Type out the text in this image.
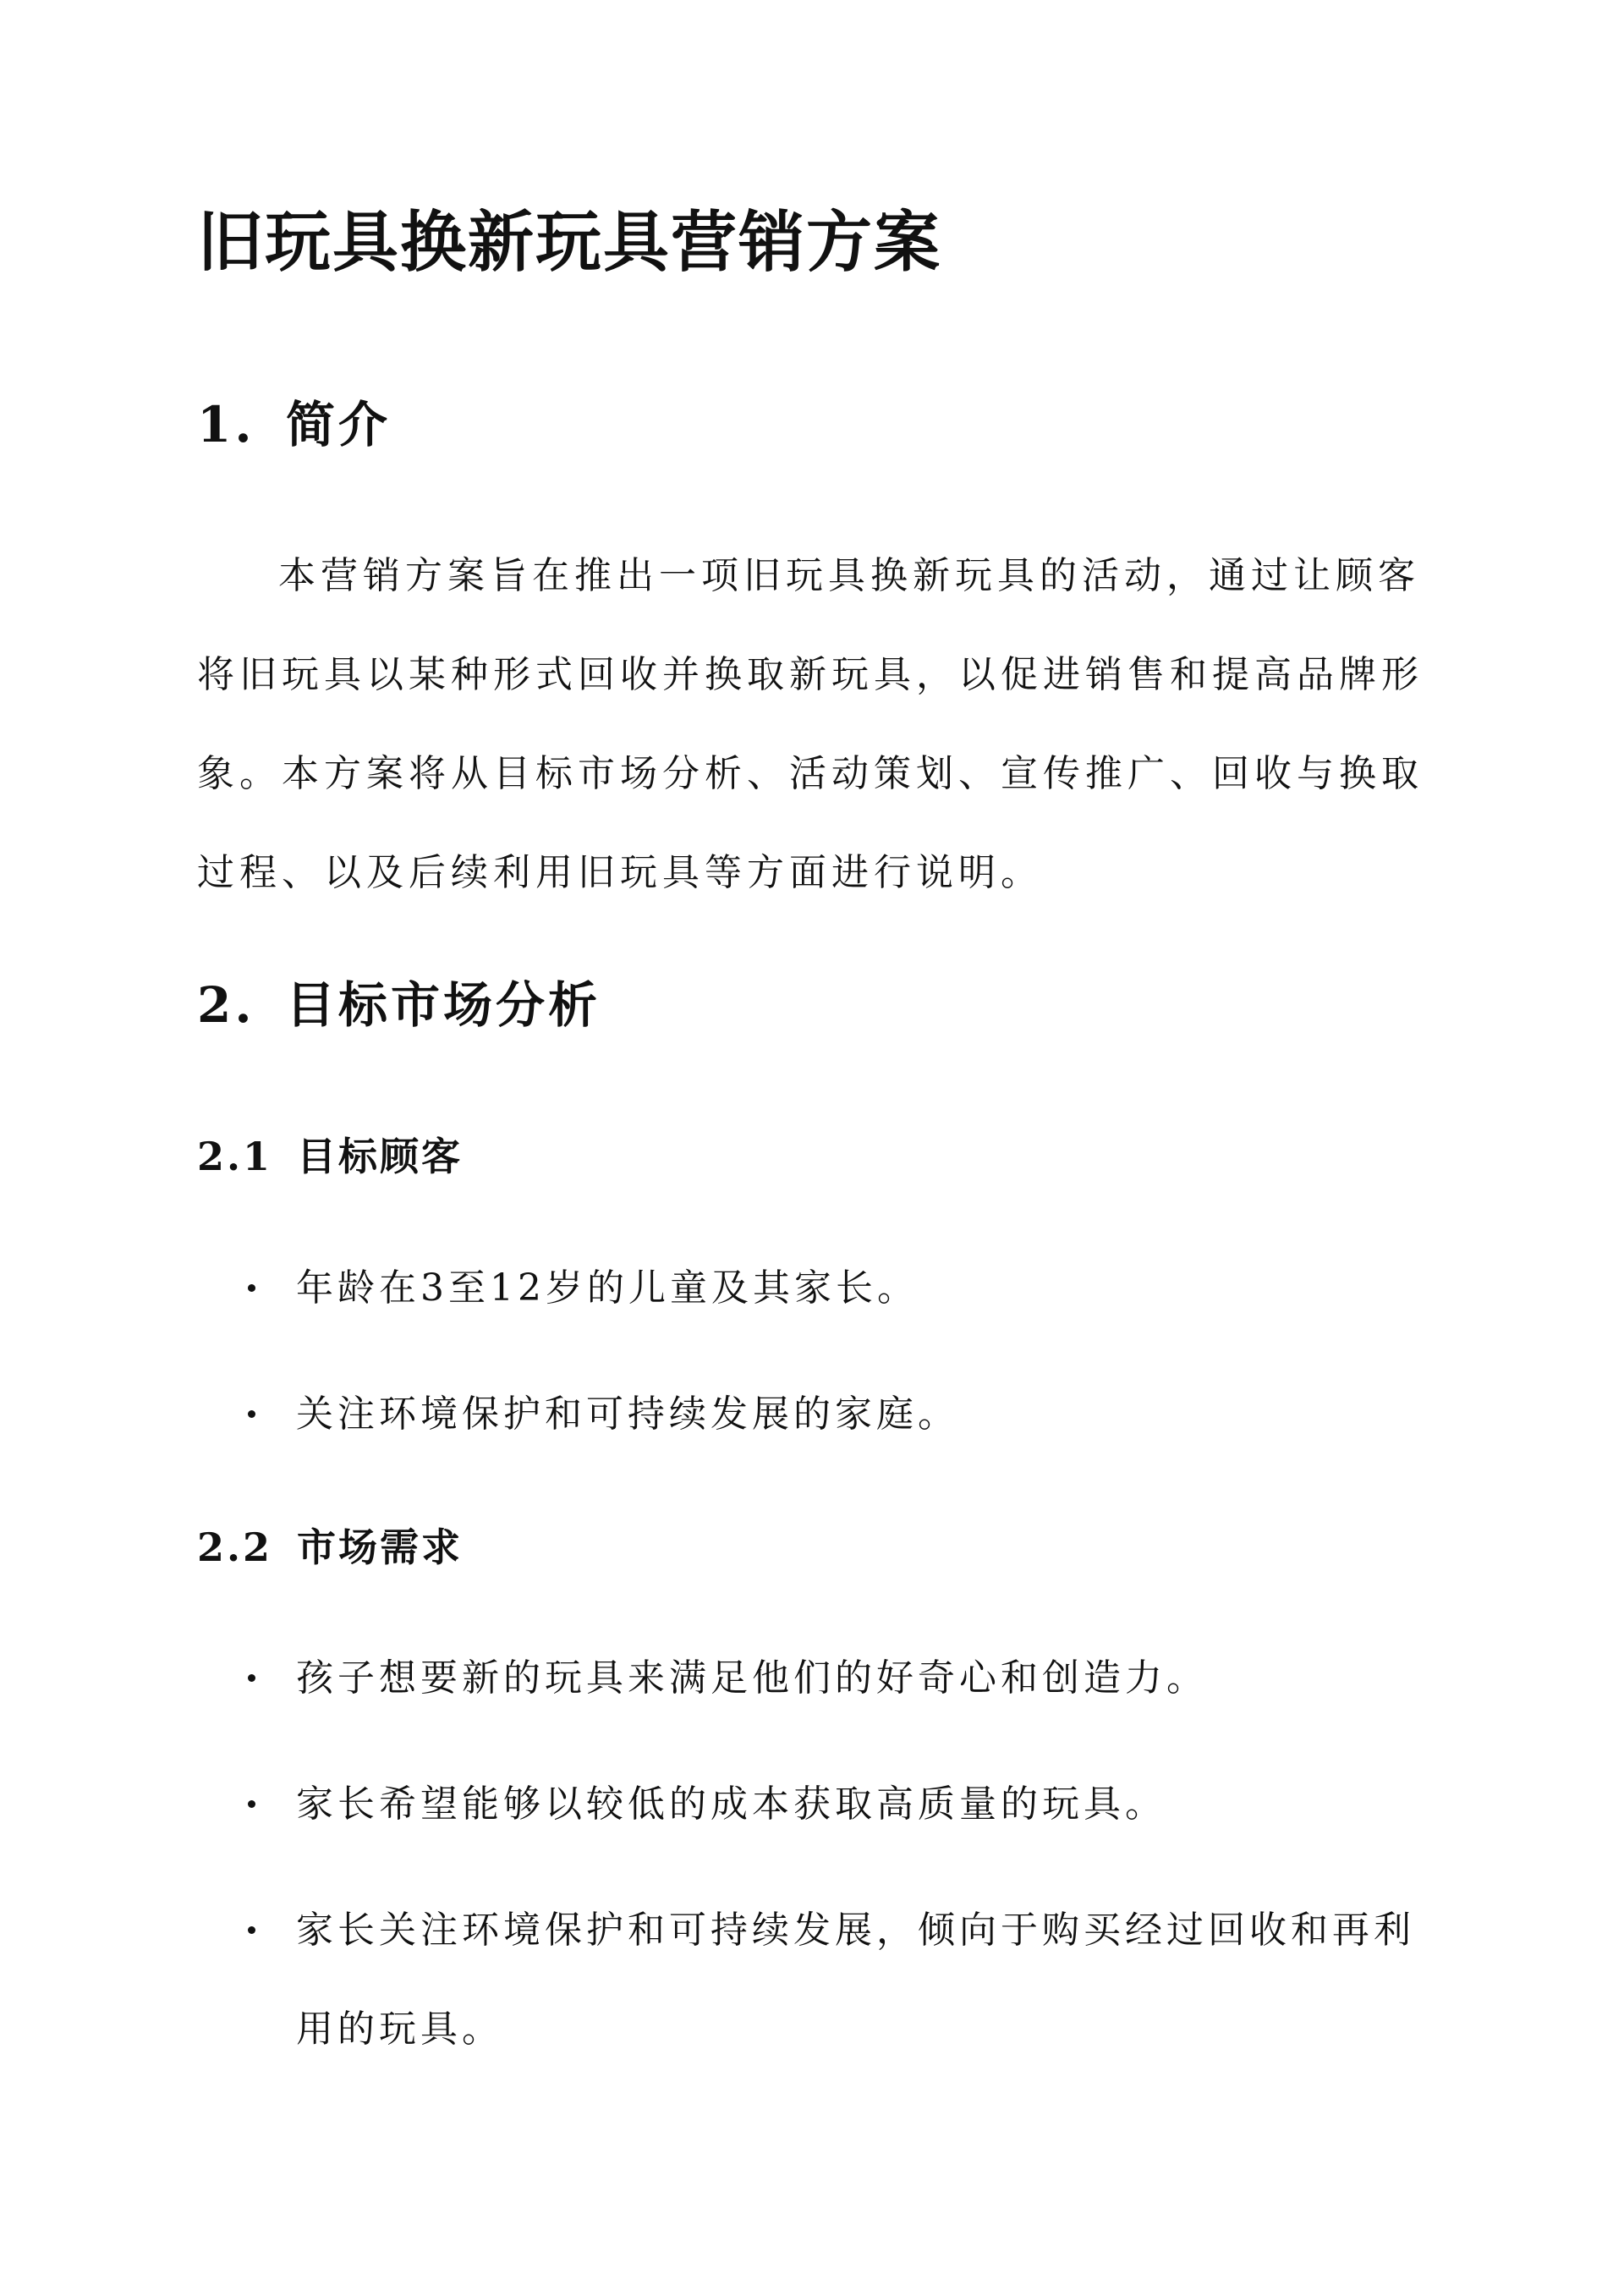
旧玩具换新玩具营销方案
1. 简介

本营销方案旨在推出一项旧玩具换新玩具的活动，通过让顾客将旧玩具以某种形式回收并换取新玩具，以促进销售和提高品牌形象。本方案将从目标市场分析、活动策划、宣传推广、回收与换取过程、以及后续利用旧玩具等方面进行说明。

2. 目标市场分析
2.1 目标顾客
年龄在3至12岁的儿童及其家长。
关注环境保护和可持续发展的家庭。
2.2 市场需求
孩子想要新的玩具来满足他们的好奇心和创造力。
家长希望能够以较低的成本获取高质量的玩具。
家长关注环境保护和可持续发展，倾向于购买经过回收和再利用的玩具。
